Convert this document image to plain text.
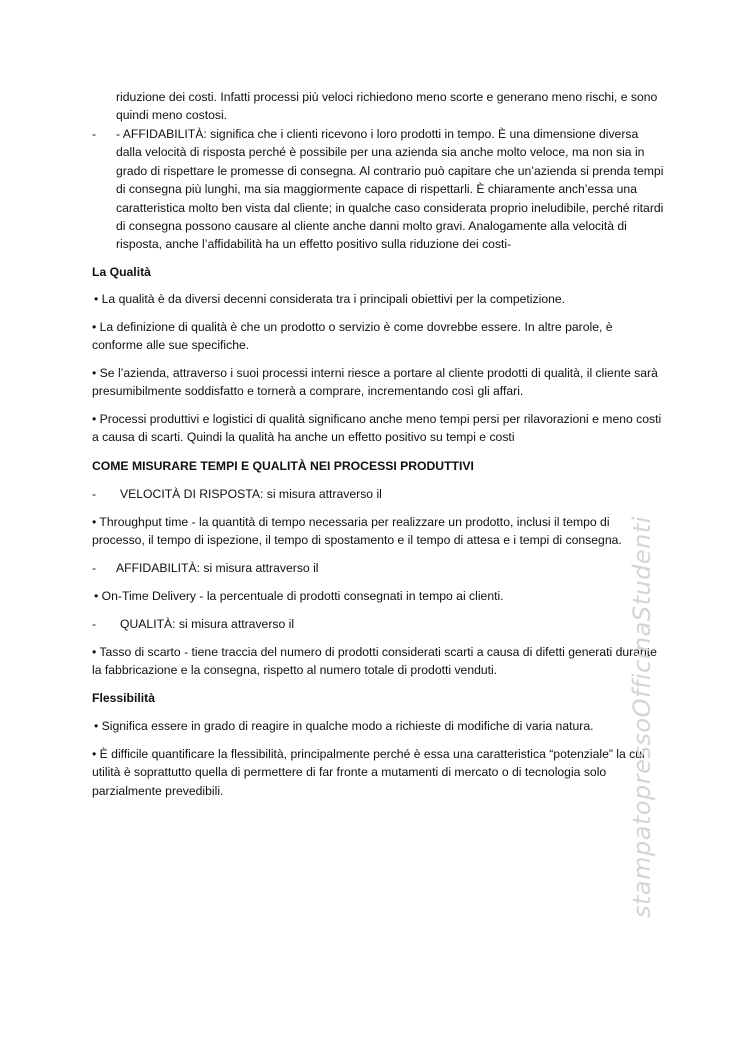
riduzione dei costi. Infatti processi più veloci richiedono meno scorte e generano meno rischi, e sono quindi meno costosi.

-	- AFFIDABILITÀ: significa che i clienti ricevono i loro prodotti in tempo. È una dimensione diversa dalla velocità di risposta perché è possibile per una azienda sia anche molto veloce, ma non sia in grado di rispettare le promesse di consegna. Al contrario può capitare che un’azienda si prenda tempi di consegna più lunghi, ma sia maggiormente capace di rispettarli. È chiaramente anch’essa una caratteristica molto ben vista dal cliente; in qualche caso considerata proprio ineludibile, perché ritardi di consegna possono causare al cliente anche danni molto gravi. Analogamente alla velocità di risposta, anche l’affidabilità ha un effetto positivo sulla riduzione dei costi-

La Qualità

• La qualità è da diversi decenni considerata tra i principali obiettivi per la competizione.

• La definizione di qualità è che un prodotto o servizio è come dovrebbe essere. In altre parole, è conforme alle sue specifiche.

• Se l’azienda, attraverso i suoi processi interni riesce a portare al cliente prodotti di qualità, il cliente sarà presumibilmente soddisfatto e tornerà a comprare, incrementando così gli affari.

• Processi produttivi e logistici di qualità significano anche meno tempi persi per rilavorazioni e meno costi a causa di scarti. Quindi la qualità ha anche un effetto positivo su tempi e costi

COME MISURARE TEMPI E QUALITÀ NEI PROCESSI PRODUTTIVI

-	VELOCITÀ DI RISPOSTA: si misura attraverso il

• Throughput time - la quantità di tempo necessaria per realizzare un prodotto, inclusi il tempo di processo, il tempo di ispezione, il tempo di spostamento e il tempo di attesa e i tempi di consegna.

-	AFFIDABILITÀ: si misura attraverso il

• On-Time Delivery - la percentuale di prodotti consegnati in tempo ai clienti.

-	QUALITÀ: si misura attraverso il

• Tasso di scarto - tiene traccia del numero di prodotti considerati scarti a causa di difetti generati durante la fabbricazione e la consegna, rispetto al numero totale di prodotti venduti.

Flessibilità

• Significa essere in grado di reagire in qualche modo a richieste di modifiche di varia natura.

• È difficile quantificare la flessibilità, principalmente perché è essa una caratteristica “potenziale” la cui utilità è soprattutto quella di permettere di far fronte a mutamenti di mercato o di tecnologia solo parzialmente prevedibili.	stampatopressoOfficinaStudenti
